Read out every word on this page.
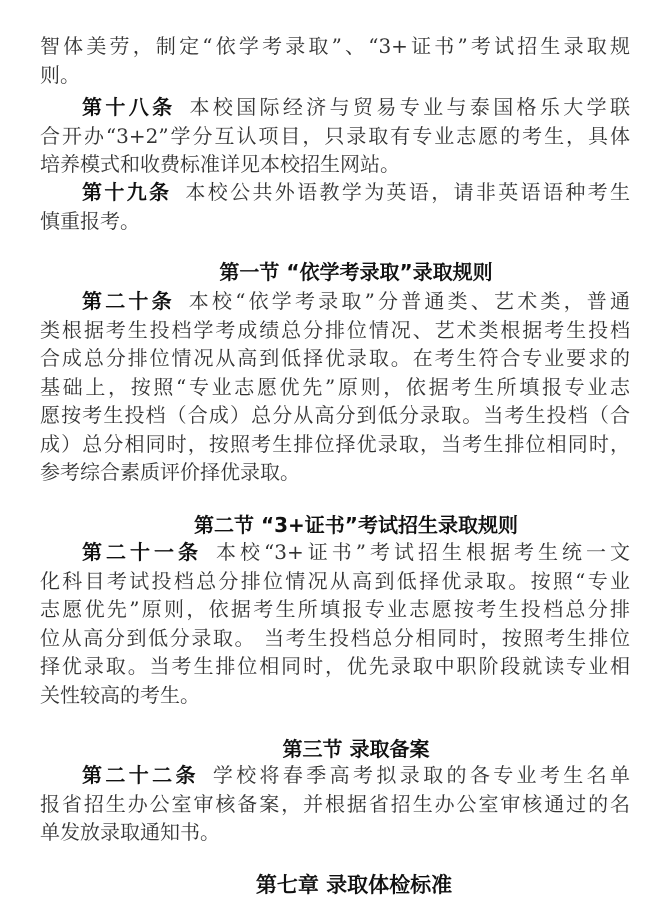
智体美劳，制定“依学考录取”、“3+证书”考试招生录取规
则。
第十八条 本校国际经济与贸易专业与泰国格乐大学联
合开办“3+2”学分互认项目，只录取有专业志愿的考生，具体
培养模式和收费标准详见本校招生网站。
第十九条 本校公共外语教学为英语，请非英语语种考生
慎重报考。
第一节 “依学考录取”录取规则
第二十条 本校“依学考录取”分普通类、艺术类，普通
类根据考生投档学考成绩总分排位情况、艺术类根据考生投档
合成总分排位情况从高到低择优录取。在考生符合专业要求的
基础上，按照“专业志愿优先”原则，依据考生所填报专业志
愿按考生投档（合成）总分从高分到低分录取。当考生投档（合
成）总分相同时，按照考生排位择优录取，当考生排位相同时，
参考综合素质评价择优录取。
第二节 “3+证书”考试招生录取规则
第二十一条 本校“3+证书”考试招生根据考生统一文
化科目考试投档总分排位情况从高到低择优录取。按照“专业
志愿优先”原则，依据考生所填报专业志愿按考生投档总分排
位从高分到低分录取。 当考生投档总分相同时，按照考生排位
择优录取。当考生排位相同时，优先录取中职阶段就读专业相
关性较高的考生。
第三节 录取备案
第二十二条 学校将春季高考拟录取的各专业考生名单
报省招生办公室审核备案，并根据省招生办公室审核通过的名
单发放录取通知书。
第七章 录取体检标准
